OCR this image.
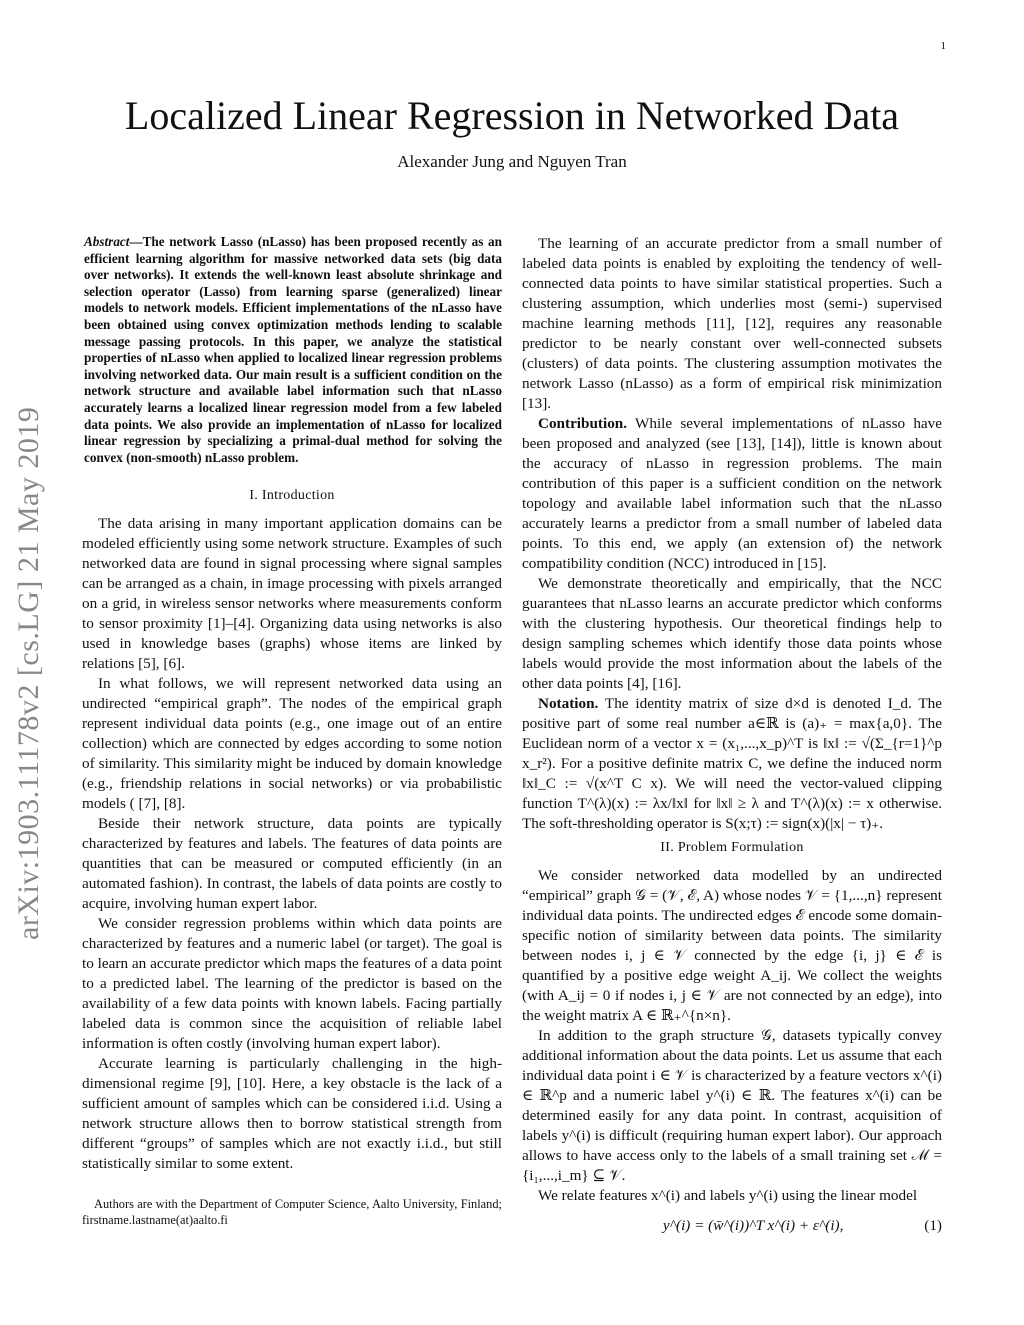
1
arXiv:1903.11178v2 [cs.LG] 21 May 2019
Localized Linear Regression in Networked Data
Alexander Jung and Nguyen Tran
Abstract—The network Lasso (nLasso) has been proposed recently as an efficient learning algorithm for massive networked data sets (big data over networks). It extends the well-known least absolute shrinkage and selection operator (Lasso) from learning sparse (generalized) linear models to network models. Efficient implementations of the nLasso have been obtained using convex optimization methods lending to scalable message passing protocols. In this paper, we analyze the statistical properties of nLasso when applied to localized linear regression problems involving networked data. Our main result is a sufficient condition on the network structure and available label information such that nLasso accurately learns a localized linear regression model from a few labeled data points. We also provide an implementation of nLasso for localized linear regression by specializing a primal-dual method for solving the convex (non-smooth) nLasso problem.
I. Introduction

The data arising in many important application domains can be modeled efficiently using some network structure. Examples of such networked data are found in signal processing where signal samples can be arranged as a chain, in image processing with pixels arranged on a grid, in wireless sensor networks where measurements conform to sensor proximity [1]–[4]. Organizing data using networks is also used in knowledge bases (graphs) whose items are linked by relations [5], [6].

In what follows, we will represent networked data using an undirected “empirical graph”. The nodes of the empirical graph represent individual data points (e.g., one image out of an entire collection) which are connected by edges according to some notion of similarity. This similarity might be induced by domain knowledge (e.g., friendship relations in social networks) or via probabilistic models ( [7], [8].

Beside their network structure, data points are typically characterized by features and labels. The features of data points are quantities that can be measured or computed efficiently (in an automated fashion). In contrast, the labels of data points are costly to acquire, involving human expert labor.

We consider regression problems within which data points are characterized by features and a numeric label (or target). The goal is to learn an accurate predictor which maps the features of a data point to a predicted label. The learning of the predictor is based on the availability of a few data points with known labels. Facing partially labeled data is common since the acquisition of reliable label information is often costly (involving human expert labor).

Accurate learning is particularly challenging in the high-dimensional regime [9], [10]. Here, a key obstacle is the lack of a sufficient amount of samples which can be considered i.i.d. Using a network structure allows then to borrow statistical strength from different “groups” of samples which are not exactly i.i.d., but still statistically similar to some extent.

Authors are with the Department of Computer Science, Aalto University, Finland; firstname.lastname(at)aalto.fi

The learning of an accurate predictor from a small number of labeled data points is enabled by exploiting the tendency of well-connected data points to have similar statistical properties. Such a clustering assumption, which underlies most (semi-) supervised machine learning methods [11], [12], requires any reasonable predictor to be nearly constant over well-connected subsets (clusters) of data points. The clustering assumption motivates the network Lasso (nLasso) as a form of empirical risk minimization [13].

Contribution. While several implementations of nLasso have been proposed and analyzed (see [13], [14]), little is known about the accuracy of nLasso in regression problems. The main contribution of this paper is a sufficient condition on the network topology and available label information such that the nLasso accurately learns a predictor from a small number of labeled data points. To this end, we apply (an extension of) the network compatibility condition (NCC) introduced in [15].

We demonstrate theoretically and empirically, that the NCC guarantees that nLasso learns an accurate predictor which conforms with the clustering hypothesis. Our theoretical findings help to design sampling schemes which identify those data points whose labels would provide the most information about the labels of the other data points [4], [16].

Notation. The identity matrix of size d×d is denoted I_d. The positive part of some real number a∈ℝ is (a)₊ = max{a,0}. The Euclidean norm of a vector x = (x₁,...,x_p)^T is ‖x‖ := √(Σ_{r=1}^p x_r²). For a positive definite matrix C, we define the induced norm ‖x‖_C := √(x^T C x). We will need the vector-valued clipping function T^(λ)(x) := λx/‖x‖ for ‖x‖ ≥ λ and T^(λ)(x) := x otherwise. The soft-thresholding operator is S(x;τ) := sign(x)(|x| − τ)₊.

II. Problem Formulation

We consider networked data modelled by an undirected “empirical” graph 𝒢 = (𝒱, ℰ, A) whose nodes 𝒱 = {1,...,n} represent individual data points. The undirected edges ℰ encode some domain-specific notion of similarity between data points. The similarity between nodes i, j ∈ 𝒱 connected by the edge {i, j} ∈ ℰ is quantified by a positive edge weight A_ij. We collect the weights (with A_ij = 0 if nodes i, j ∈ 𝒱 are not connected by an edge), into the weight matrix A ∈ ℝ₊^{n×n}.

In addition to the graph structure 𝒢, datasets typically convey additional information about the data points. Let us assume that each individual data point i ∈ 𝒱 is characterized by a feature vectors x^(i) ∈ ℝ^p and a numeric label y^(i) ∈ ℝ. The features x^(i) can be determined easily for any data point. In contrast, acquisition of labels y^(i) is difficult (requiring human expert labor). Our approach allows to have access only to the labels of a small training set ℳ = {i₁,...,i_m} ⊆ 𝒱.

We relate features x^(i) and labels y^(i) using the linear model

y^(i) = (w̄^(i))^T x^(i) + ε^(i),	(1)
